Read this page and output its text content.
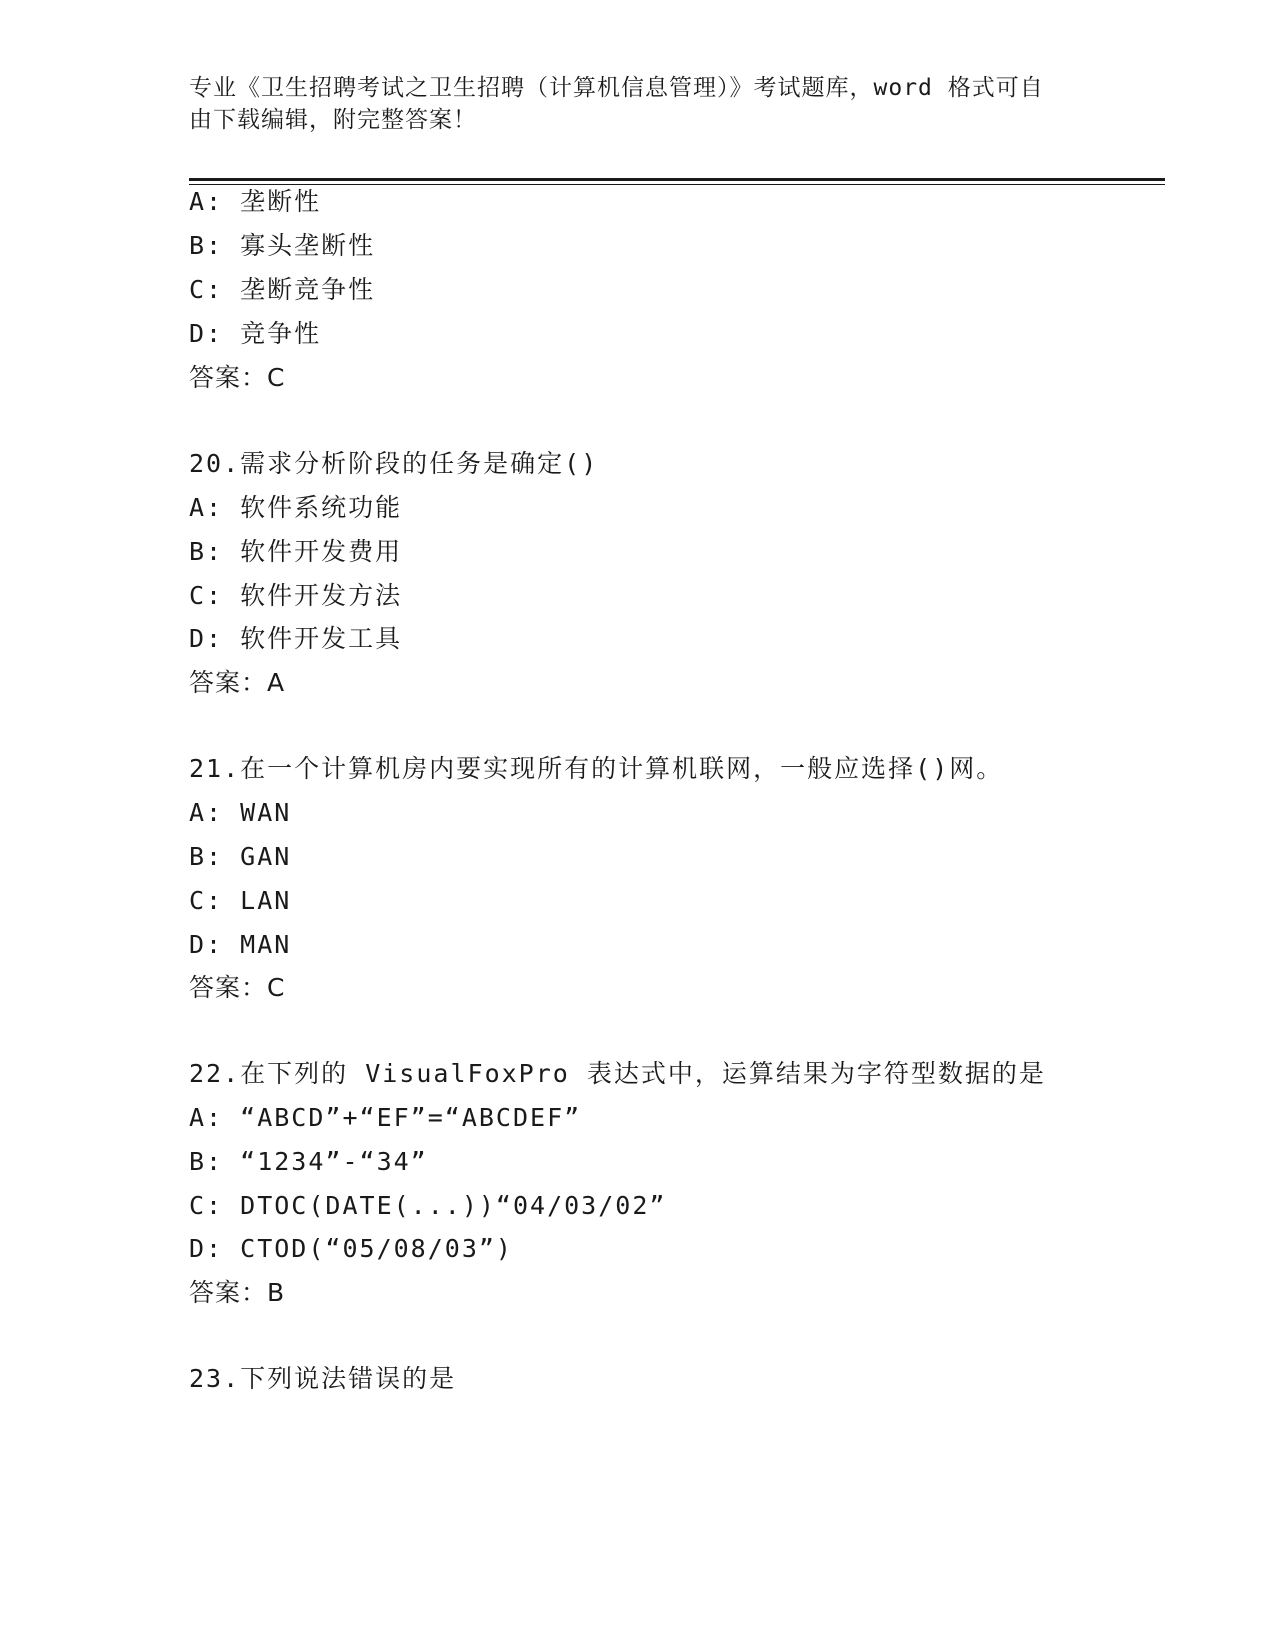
专业《卫生招聘考试之卫生招聘（计算机信息管理）》考试题库，word 格式可自
由下载编辑，附完整答案！
A: 垄断性
B: 寡头垄断性
C: 垄断竞争性
D: 竞争性
答案：C
20.需求分析阶段的任务是确定()
A: 软件系统功能
B: 软件开发费用
C: 软件开发方法
D: 软件开发工具
答案：A
21.在一个计算机房内要实现所有的计算机联网，一般应选择()网。
A: WAN
B: GAN
C: LAN
D: MAN
答案：C
22.在下列的 VisualFoxPro 表达式中，运算结果为字符型数据的是
A: “ABCD”+“EF”=“ABCDEF”
B: “1234”-“34”
C: DTOC(DATE(...))“04/03/02”
D: CTOD(“05/08/03”)
答案：B
23.下列说法错误的是
